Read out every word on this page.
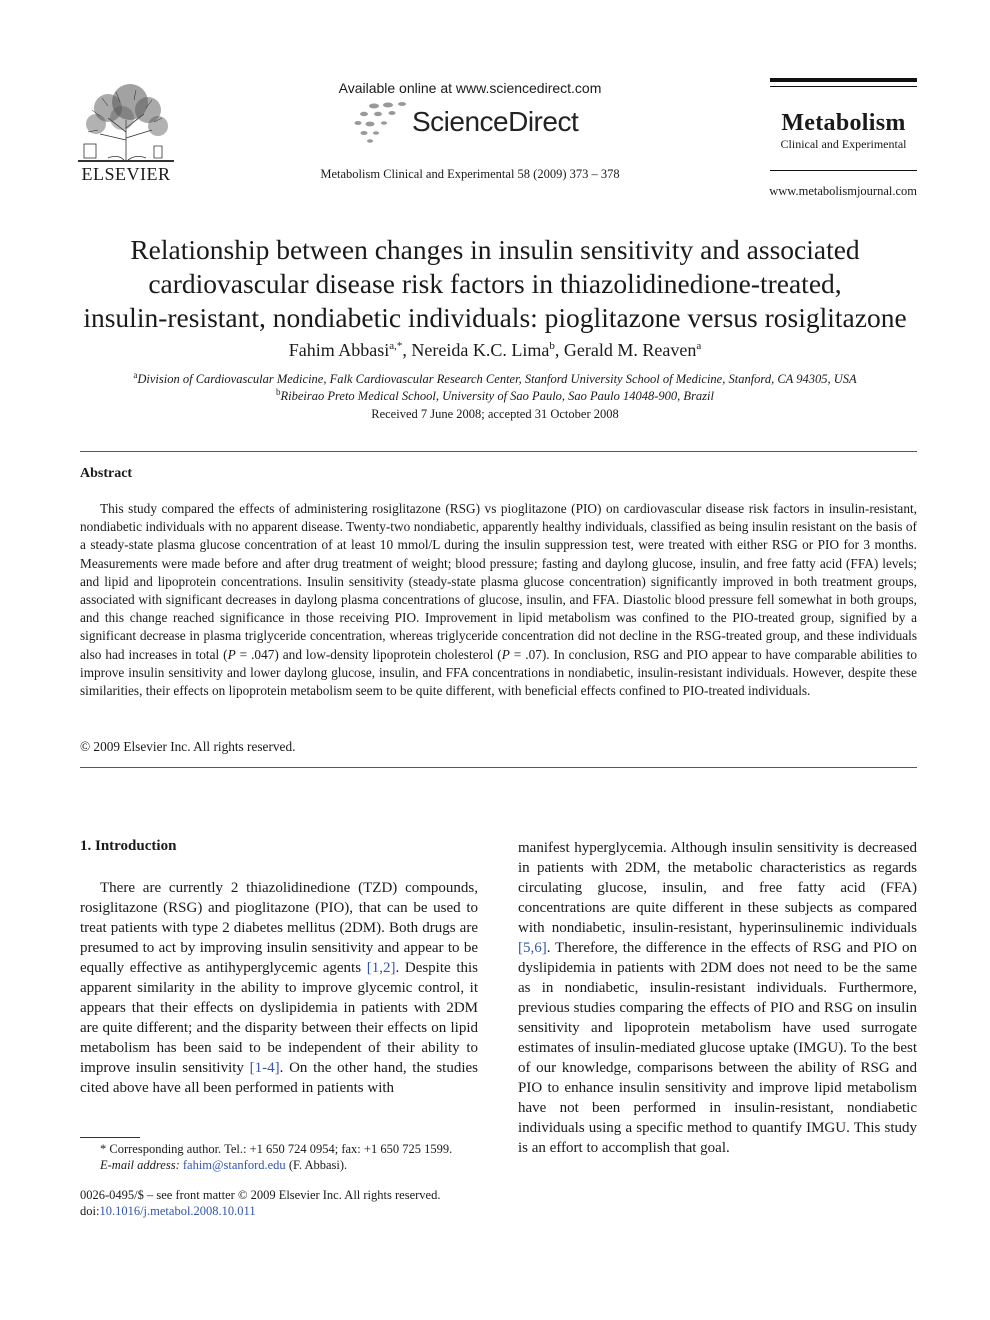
ELSEVIER
Available online at www.sciencedirect.com
ScienceDirect
Metabolism Clinical and Experimental 58 (2009) 373 – 378
Metabolism
Clinical and Experimental
www.metabolismjournal.com
Relationship between changes in insulin sensitivity and associated
cardiovascular disease risk factors in thiazolidinedione-treated,
insulin-resistant, nondiabetic individuals: pioglitazone versus rosiglitazone
Fahim Abbasi$^{a,*}$, Nereida K.C. Lima$^b$, Gerald M. Reaven$^a$
$^a$Division of Cardiovascular Medicine, Falk Cardiovascular Research Center, Stanford University School of Medicine, Stanford, CA 94305, USA
$^b$Ribeirao Preto Medical School, University of Sao Paulo, Sao Paulo 14048-900, Brazil
Received 7 June 2008; accepted 31 October 2008
Abstract
This study compared the effects of administering rosiglitazone (RSG) vs pioglitazone (PIO) on cardiovascular disease risk factors in insulin-resistant, nondiabetic individuals with no apparent disease. Twenty-two nondiabetic, apparently healthy individuals, classified as being insulin resistant on the basis of a steady-state plasma glucose concentration of at least 10 mmol/L during the insulin suppression test, were treated with either RSG or PIO for 3 months. Measurements were made before and after drug treatment of weight; blood pressure; fasting and daylong glucose, insulin, and free fatty acid (FFA) levels; and lipid and lipoprotein concentrations. Insulin sensitivity (steady-state plasma glucose concentration) significantly improved in both treatment groups, associated with significant decreases in daylong plasma concentrations of glucose, insulin, and FFA. Diastolic blood pressure fell somewhat in both groups, and this change reached significance in those receiving PIO. Improvement in lipid metabolism was confined to the PIO-treated group, signified by a significant decrease in plasma triglyceride concentration, whereas triglyceride concentration did not decline in the RSG-treated group, and these individuals also had increases in total (P = .047) and low-density lipoprotein cholesterol (P = .07). In conclusion, RSG and PIO appear to have comparable abilities to improve insulin sensitivity and lower daylong glucose, insulin, and FFA concentrations in nondiabetic, insulin-resistant individuals. However, despite these similarities, their effects on lipoprotein metabolism seem to be quite different, with beneficial effects confined to PIO-treated individuals.
© 2009 Elsevier Inc. All rights reserved.
1. Introduction
There are currently 2 thiazolidinedione (TZD) compounds, rosiglitazone (RSG) and pioglitazone (PIO), that can be used to treat patients with type 2 diabetes mellitus (2DM). Both drugs are presumed to act by improving insulin sensitivity and appear to be equally effective as antihyperglycemic agents [1,2]. Despite this apparent similarity in the ability to improve glycemic control, it appears that their effects on dyslipidemia in patients with 2DM are quite different; and the disparity between their effects on lipid metabolism has been said to be independent of their ability to improve insulin sensitivity [1-4]. On the other hand, the studies cited above have all been performed in patients with
manifest hyperglycemia. Although insulin sensitivity is decreased in patients with 2DM, the metabolic characteristics as regards circulating glucose, insulin, and free fatty acid (FFA) concentrations are quite different in these subjects as compared with nondiabetic, insulin-resistant, hyperinsulinemic individuals [5,6]. Therefore, the difference in the effects of RSG and PIO on dyslipidemia in patients with 2DM does not need to be the same as in nondiabetic, insulin-resistant individuals. Furthermore, previous studies comparing the effects of PIO and RSG on insulin sensitivity and lipoprotein metabolism have used surrogate estimates of insulin-mediated glucose uptake (IMGU). To the best of our knowledge, comparisons between the ability of RSG and PIO to enhance insulin sensitivity and improve lipid metabolism have not been performed in insulin-resistant, nondiabetic individuals using a specific method to quantify IMGU. This study is an effort to accomplish that goal.
* Corresponding author. Tel.: +1 650 724 0954; fax: +1 650 725 1599.
E-mail address: fahim@stanford.edu (F. Abbasi).
0026-0495/$ – see front matter © 2009 Elsevier Inc. All rights reserved.
doi:10.1016/j.metabol.2008.10.011
